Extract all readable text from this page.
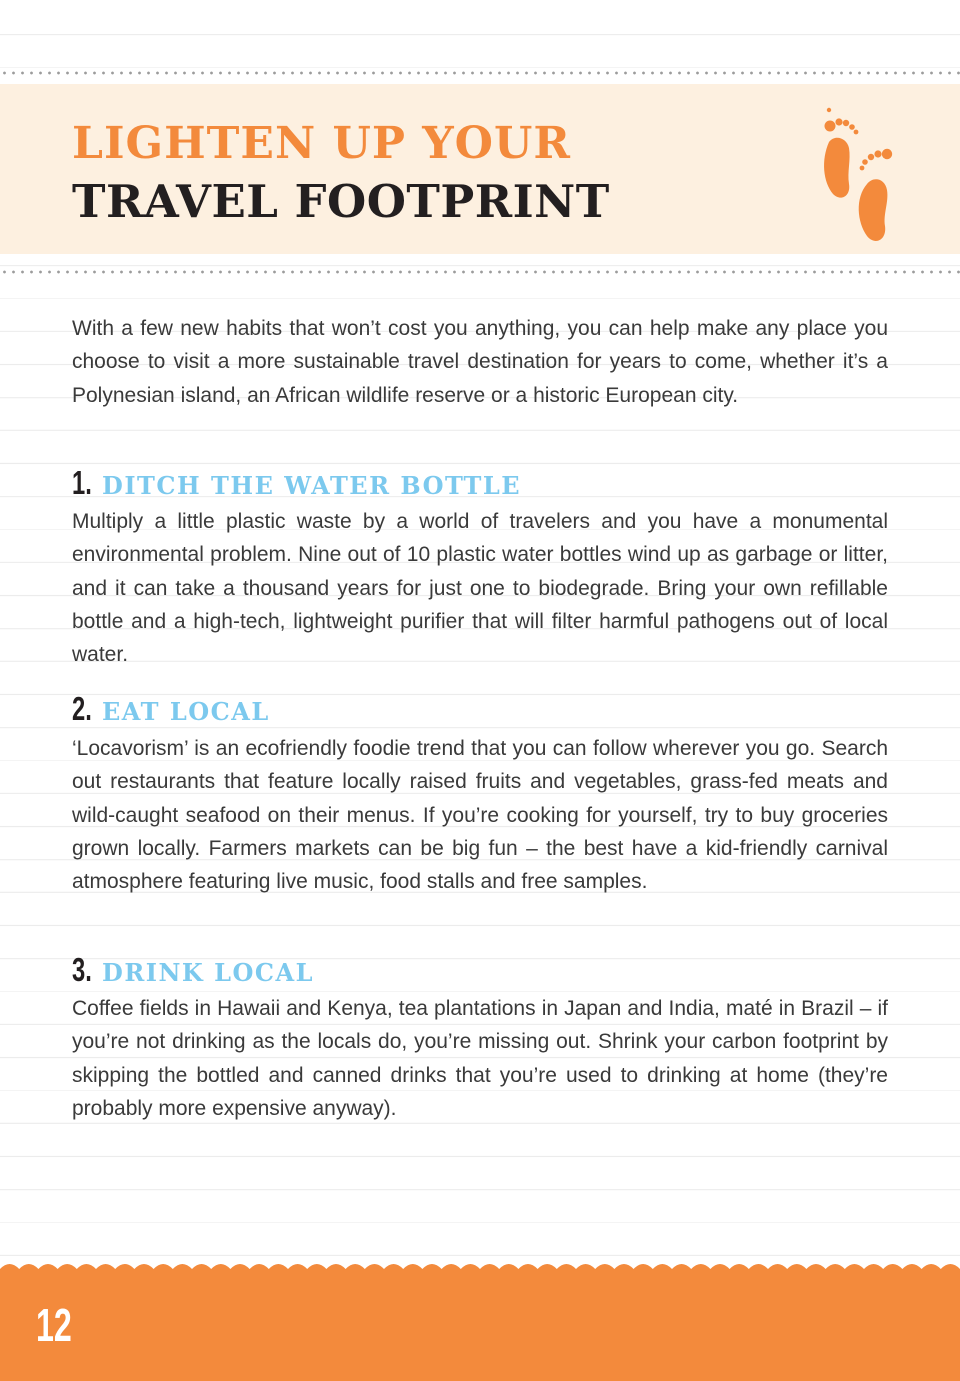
LIGHTEN UP YOUR
TRAVEL FOOTPRINT

With a few new habits that won’t cost you anything, you can help make any place you choose to visit a more sustainable travel destination for years to come, whether it’s a Polynesian island, an African wildlife reserve or a historic European city.

1. DITCH THE WATER BOTTLE

Multiply a little plastic waste by a world of travelers and you have a monumental environmental problem. Nine out of 10 plastic water bottles wind up as garbage or litter, and it can take a thousand years for just one to biodegrade. Bring your own refillable bottle and a high-tech, lightweight purifier that will filter harmful pathogens out of local water.

2. EAT LOCAL

‘Locavorism’ is an ecofriendly foodie trend that you can follow wherever you go. Search out restaurants that feature locally raised fruits and vegetables, grass-fed meats and wild-caught seafood on their menus. If you’re cooking for yourself, try to buy groceries grown locally. Farmers markets can be big fun – the best have a kid-friendly carnival atmosphere featuring live music, food stalls and free samples.

3. DRINK LOCAL

Coffee fields in Hawaii and Kenya, tea plantations in Japan and India, maté in Brazil – if you’re not drinking as the locals do, you’re missing out. Shrink your carbon footprint by skipping the bottled and canned drinks that you’re used to drinking at home (they’re probably more expensive anyway).

12
